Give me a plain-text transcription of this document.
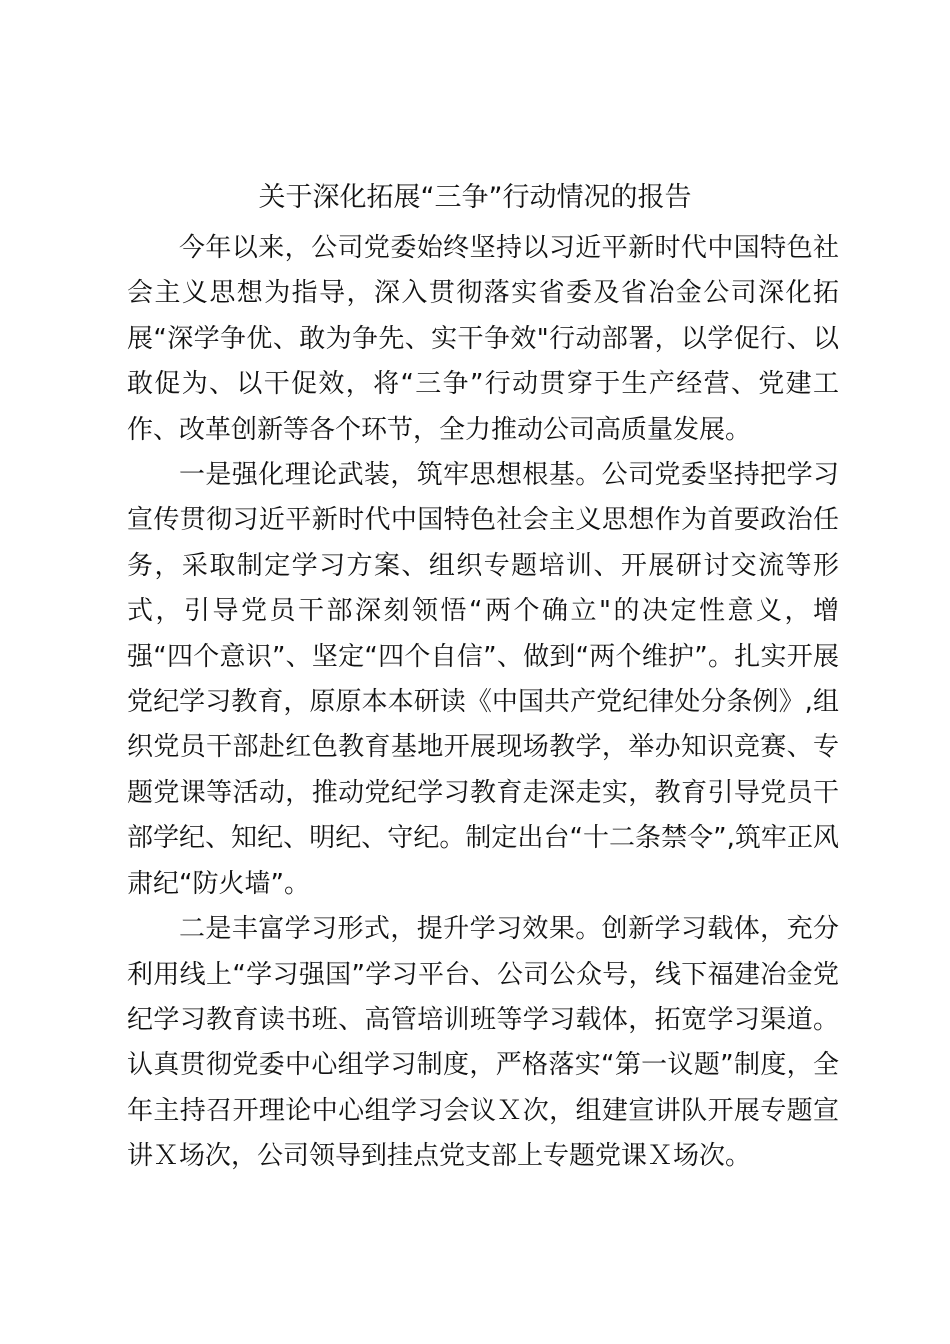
关于深化拓展“三争”行动情况的报告

今年以来，公司党委始终坚持以习近平新时代中国特色社会主义思想为指导，深入贯彻落实省委及省冶金公司深化拓展“深学争优、敢为争先、实干争效"行动部署，以学促行、以敢促为、以干促效，将“三争”行动贯穿于生产经营、党建工作、改革创新等各个环节，全力推动公司高质量发展。

一是强化理论武装，筑牢思想根基。公司党委坚持把学习宣传贯彻习近平新时代中国特色社会主义思想作为首要政治任务，采取制定学习方案、组织专题培训、开展研讨交流等形式，引导党员干部深刻领悟“两个确立"的决定性意义，增强“四个意识”、坚定“四个自信”、做到“两个维护”。扎实开展党纪学习教育，原原本本研读《中国共产党纪律处分条例》,组织党员干部赴红色教育基地开展现场教学，举办知识竞赛、专题党课等活动，推动党纪学习教育走深走实，教育引导党员干部学纪、知纪、明纪、守纪。制定出台“十二条禁令”,筑牢正风肃纪“防火墙”。

二是丰富学习形式，提升学习效果。创新学习载体，充分利用线上“学习强国”学习平台、公司公众号，线下福建冶金党纪学习教育读书班、高管培训班等学习载体，拓宽学习渠道。认真贯彻党委中心组学习制度，严格落实“第一议题”制度，全年主持召开理论中心组学习会议Ｘ次，组建宣讲队开展专题宣讲Ｘ场次，公司领导到挂点党支部上专题党课Ｘ场次。
